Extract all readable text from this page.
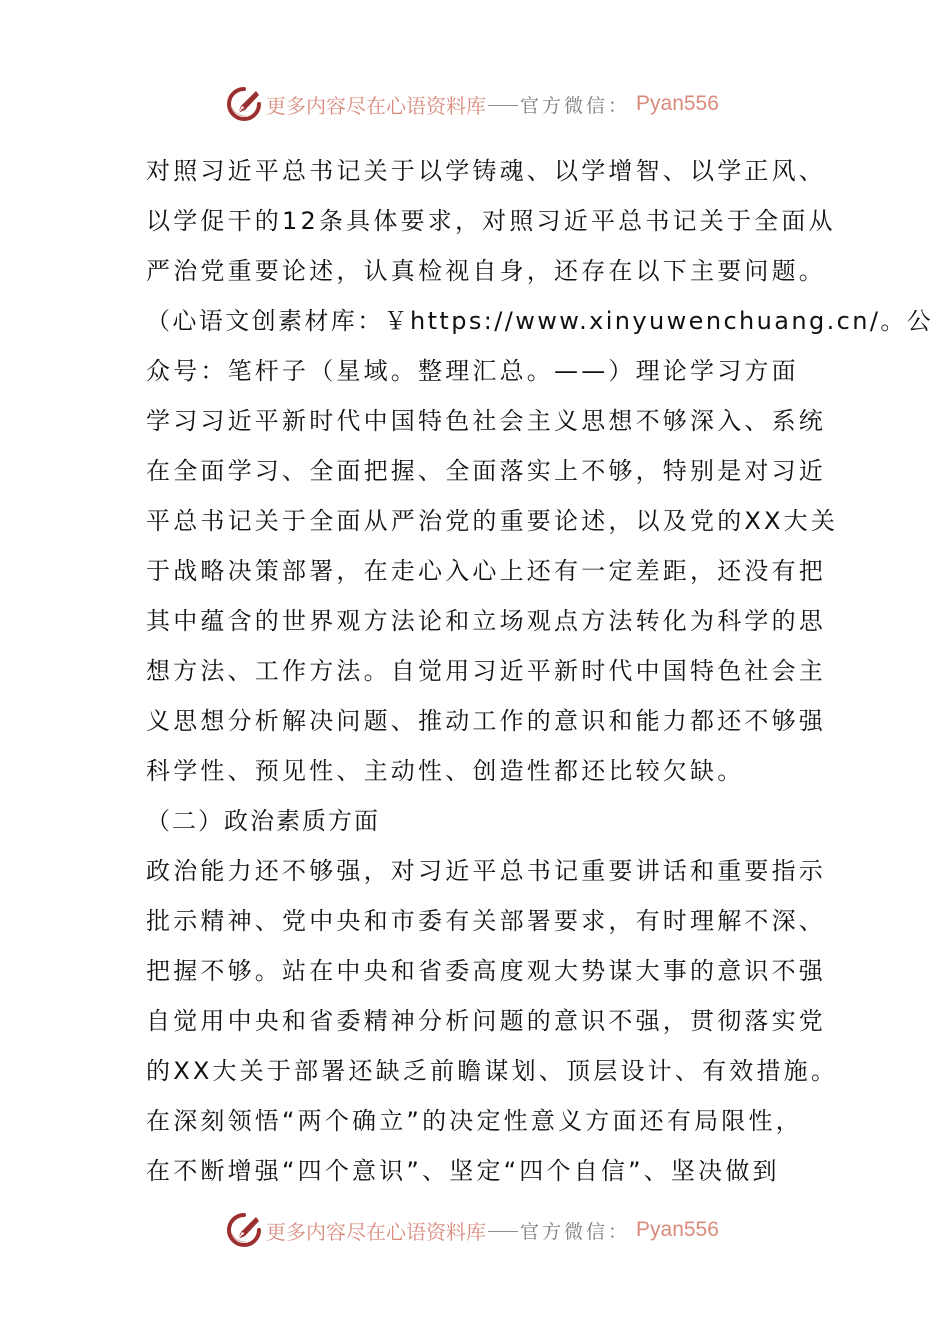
更多内容尽在心语资料库 官方微信： Pyan556
对照习近平总书记关于以学铸魂、以学增智、以学正风、
以学促干的12条具体要求，对照习近平总书记关于全面从
严治党重要论述，认真检视自身，还存在以下主要问题。
（心语文创素材库：￥https://www.xinyuwenchuang.cn/。公
众号：笔杆子（星域。整理汇总。——）理论学习方面
学习习近平新时代中国特色社会主义思想不够深入、系统
在全面学习、全面把握、全面落实上不够，特别是对习近
平总书记关于全面从严治党的重要论述，以及党的XX大关
于战略决策部署，在走心入心上还有一定差距，还没有把
其中蕴含的世界观方法论和立场观点方法转化为科学的思
想方法、工作方法。自觉用习近平新时代中国特色社会主
义思想分析解决问题、推动工作的意识和能力都还不够强
科学性、预见性、主动性、创造性都还比较欠缺。
（二）政治素质方面
政治能力还不够强，对习近平总书记重要讲话和重要指示
批示精神、党中央和市委有关部署要求，有时理解不深、
把握不够。站在中央和省委高度观大势谋大事的意识不强
自觉用中央和省委精神分析问题的意识不强，贯彻落实党
的XX大关于部署还缺乏前瞻谋划、顶层设计、有效措施。
在深刻领悟“两个确立”的决定性意义方面还有局限性，
在不断增强“四个意识”、坚定“四个自信”、坚决做到
更多内容尽在心语资料库 官方微信： Pyan556
